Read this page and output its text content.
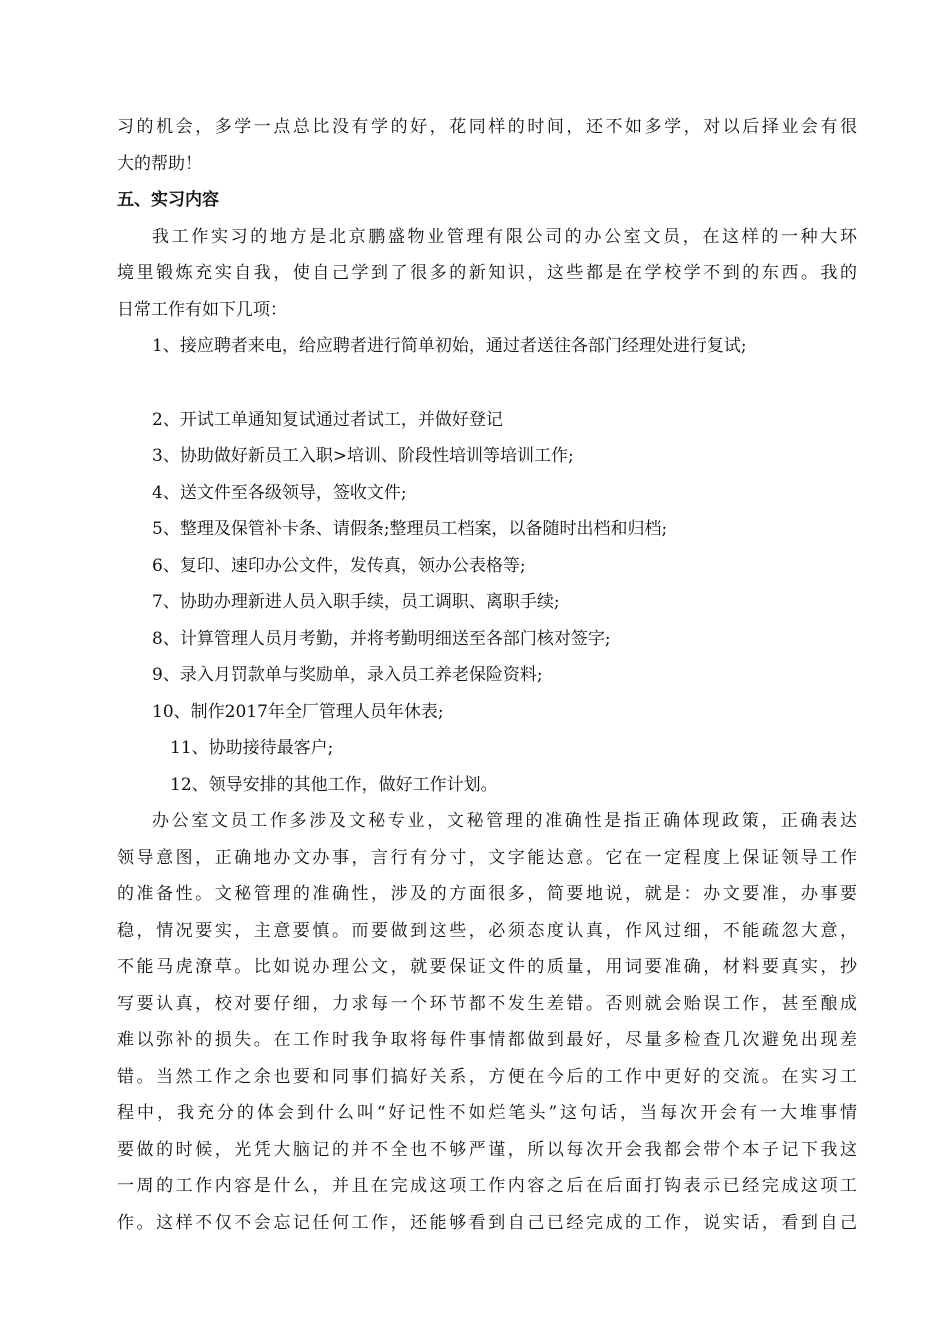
习的机会，多学一点总比没有学的好，花同样的时间，还不如多学，对以后择业会有很
大的帮助！
五、实习内容
我工作实习的地方是北京鹏盛物业管理有限公司的办公室文员，在这样的一种大环
境里锻炼充实自我，使自己学到了很多的新知识，这些都是在学校学不到的东西。我的
日常工作有如下几项：
1、接应聘者来电，给应聘者进行简单初始，通过者送往各部门经理处进行复试;
2、开试工单通知复试通过者试工，并做好登记
3、协助做好新员工入职>培训、阶段性培训等培训工作;
4、送文件至各级领导，签收文件;
5、整理及保管补卡条、请假条;整理员工档案，以备随时出档和归档;
6、复印、速印办公文件，发传真，领办公表格等;
7、协助办理新进人员入职手续，员工调职、离职手续;
8、计算管理人员月考勤，并将考勤明细送至各部门核对签字;
9、录入月罚款单与奖励单，录入员工养老保险资料;
10、制作2017年全厂管理人员年休表;
11、协助接待最客户;
12、领导安排的其他工作，做好工作计划。
办公室文员工作多涉及文秘专业，文秘管理的准确性是指正确体现政策，正确表达
领导意图，正确地办文办事，言行有分寸，文字能达意。它在一定程度上保证领导工作
的准备性。文秘管理的准确性，涉及的方面很多，简要地说，就是：办文要准，办事要
稳，情况要实，主意要慎。而要做到这些，必须态度认真，作风过细，不能疏忽大意，
不能马虎潦草。比如说办理公文，就要保证文件的质量，用词要准确，材料要真实，抄
写要认真，校对要仔细，力求每一个环节都不发生差错。否则就会贻误工作，甚至酿成
难以弥补的损失。在工作时我争取将每件事情都做到最好，尽量多检查几次避免出现差
错。当然工作之余也要和同事们搞好关系，方便在今后的工作中更好的交流。在实习工
程中，我充分的体会到什么叫“好记性不如烂笔头”这句话，当每次开会有一大堆事情
要做的时候，光凭大脑记的并不全也不够严谨，所以每次开会我都会带个本子记下我这
一周的工作内容是什么，并且在完成这项工作内容之后在后面打钩表示已经完成这项工
作。这样不仅不会忘记任何工作，还能够看到自己已经完成的工作，说实话，看到自己
